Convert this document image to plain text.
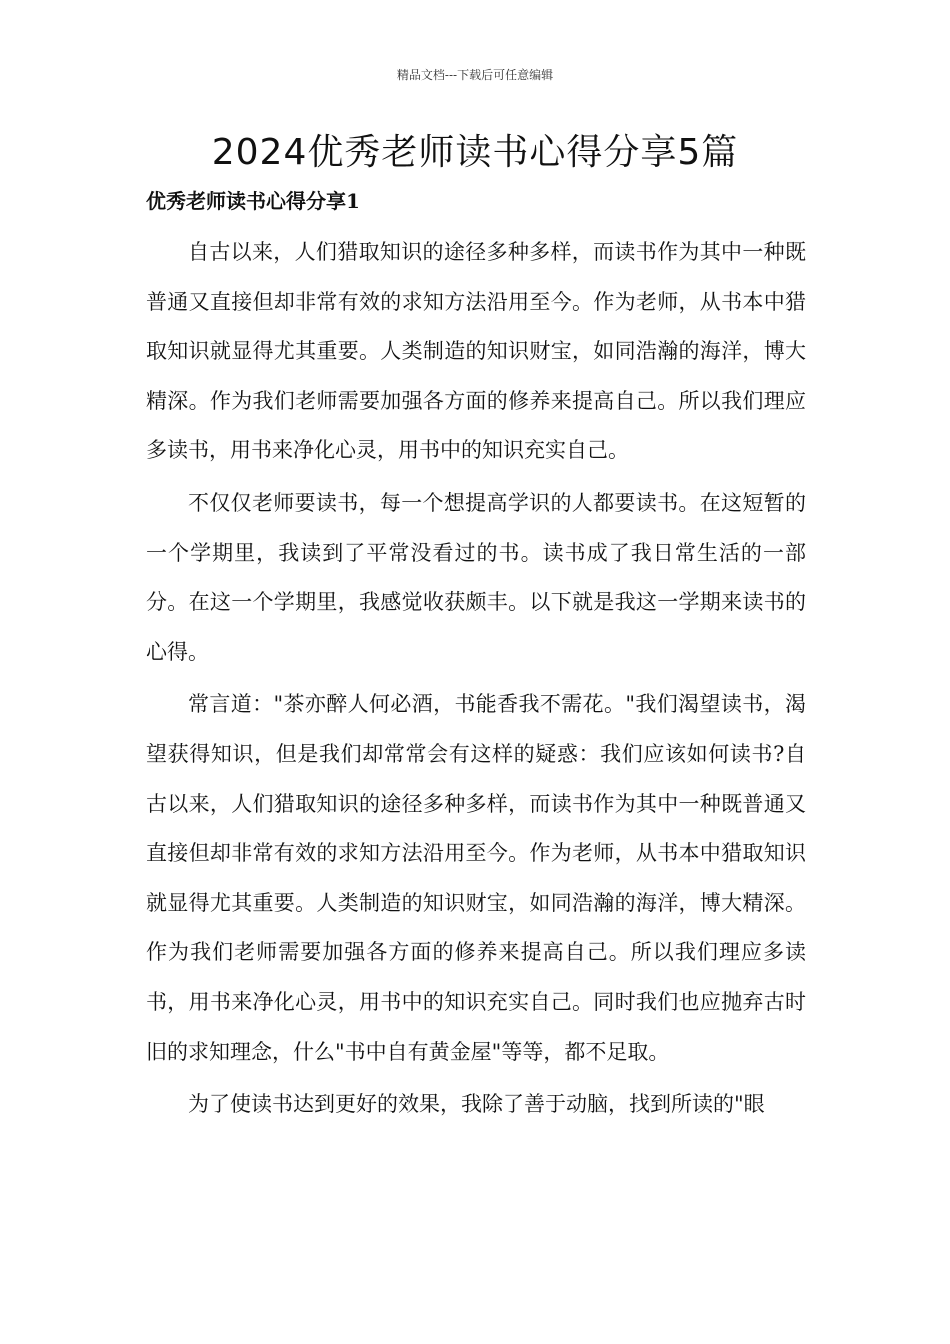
精品文档---下载后可任意编辑
2024优秀老师读书心得分享5篇
优秀老师读书心得分享1

自古以来，人们猎取知识的途径多种多样，而读书作为其中一种既普通又直接但却非常有效的求知方法沿用至今。作为老师，从书本中猎取知识就显得尤其重要。人类制造的知识财宝，如同浩瀚的海洋，博大精深。作为我们老师需要加强各方面的修养来提高自己。所以我们理应多读书，用书来净化心灵，用书中的知识充实自己。

不仅仅老师要读书，每一个想提高学识的人都要读书。在这短暂的一个学期里，我读到了平常没看过的书。读书成了我日常生活的一部分。在这一个学期里，我感觉收获颇丰。以下就是我这一学期来读书的心得。

常言道："茶亦醉人何必酒，书能香我不需花。"我们渴望读书，渴望获得知识，但是我们却常常会有这样的疑惑：我们应该如何读书?自古以来，人们猎取知识的途径多种多样，而读书作为其中一种既普通又直接但却非常有效的求知方法沿用至今。作为老师，从书本中猎取知识就显得尤其重要。人类制造的知识财宝，如同浩瀚的海洋，博大精深。作为我们老师需要加强各方面的修养来提高自己。所以我们理应多读书，用书来净化心灵，用书中的知识充实自己。同时我们也应抛弃古时旧的求知理念，什么"书中自有黄金屋"等等，都不足取。

为了使读书达到更好的效果，我除了善于动脑，找到所读的"眼
